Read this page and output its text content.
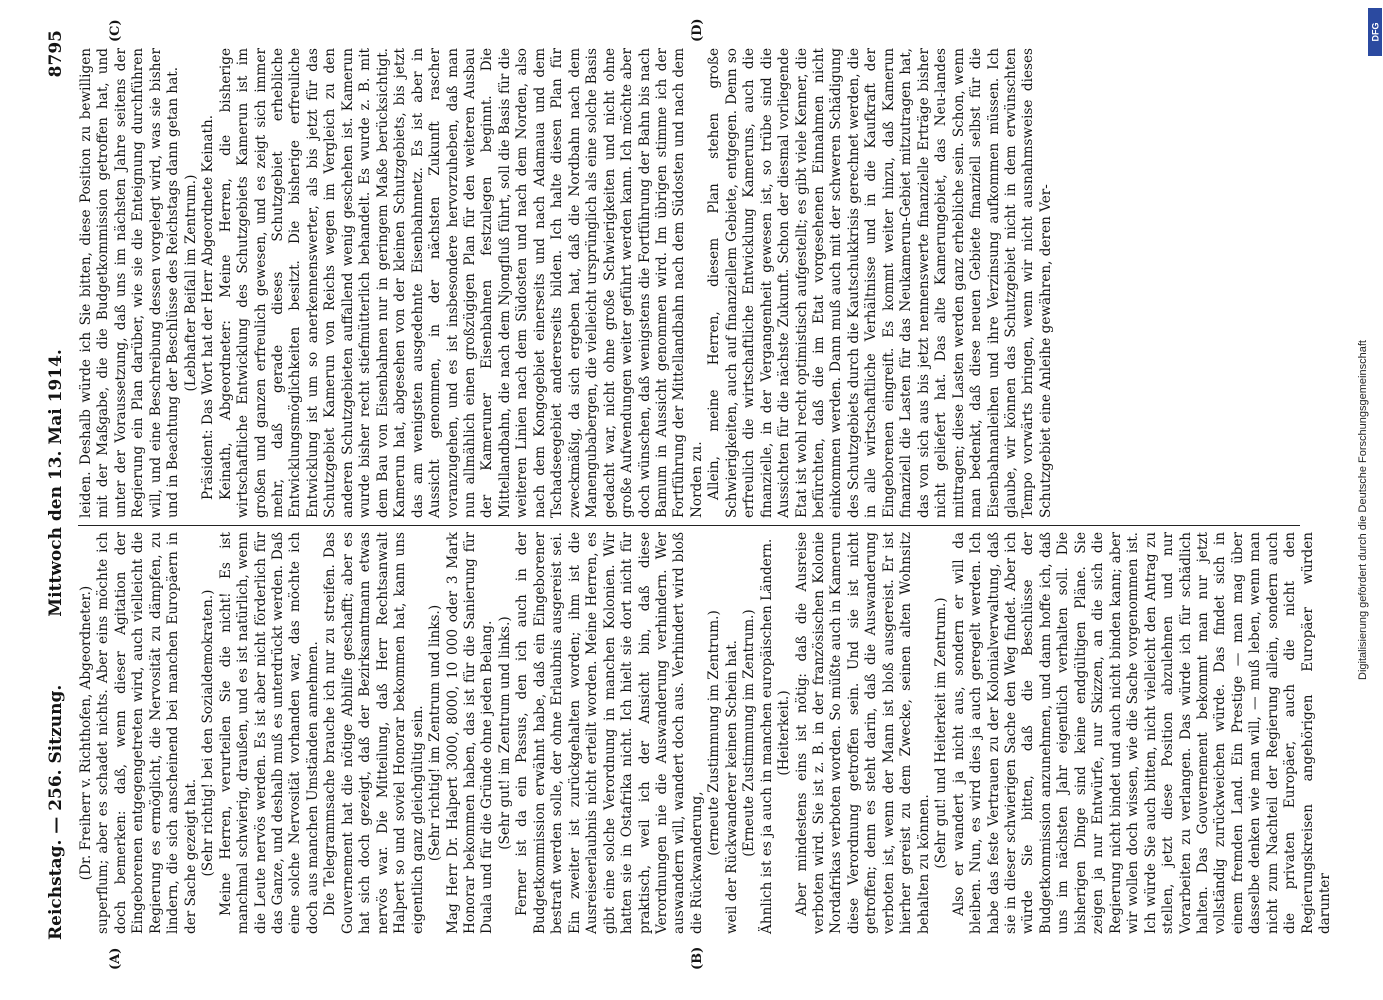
Reichstag. — 256. Sitzung.
Mittwoch den 13. Mai 1914.  8795
(A)	(B)
(C)	(D)

(Dr. Freiherr v. Richthofen, Abgeordneter.) superflum; aber es schadet nichts. Aber eins möchte ich doch bemerken: daß, wenn dieser Agitation der Eingeborenen entgegengetreten wird, auch vielleicht die Regierung es ermöglicht, die Nervosität zu dämpfen, zu lindern, die sich anscheinend bei manchen Europäern in der Sache gezeigt hat. (Sehr richtig! bei den Sozialdemokraten.) Meine Herren, verurteilen Sie die nicht! Es ist manchmal schwierig, draußen, und es ist natürlich, wenn die Leute nervös werden. Es ist aber nicht förderlich für das Ganze, und deshalb muß es unterdrückt werden. Daß eine solche Nervosität vorhanden war, das möchte ich doch aus manchen Umständen annehmen. Die Telegrammsache brauche ich nur zu streifen. Das Gouvernement hat die nötige Abhilfe geschafft; aber es hat sich doch gezeigt, daß der Bezirksamtmann etwas nervös war. Die Mitteilung, daß Herr Rechtsanwalt Halpert so und soviel Honorar bekommen hat, kann uns eigentlich ganz gleichgültig sein. (Sehr richtig! im Zentrum und links.) Mag Herr Dr. Halpert 3000, 8000, 10 000 oder 3 Mark Honorar bekommen haben, das ist für die Sanierung für Duala und für die Gründe ohne jeden Belang. (Sehr gut! im Zentrum und links.) Ferner ist da ein Passus, den ich auch in der Budgetkommission erwähnt habe, daß ein Eingeborener bestraft werden solle, der ohne Erlaubnis ausgereist sei. Ein zweiter ist zurückgehalten worden; ihm ist die Ausreiseerlaubnis nicht erteilt worden. Meine Herren, es gibt eine solche Verordnung in manchen Kolonien. Wir hatten sie in Ostafrika nicht. Ich hielt sie dort nicht für praktisch, weil ich der Ansicht bin, daß diese Verordnungen nie die Auswanderung verhindern. Wer auswandern will, wandert doch aus. Verhindert wird bloß die Rückwanderung,

(erneute Zustimmung im Zentrum.) weil der Rückwanderer keinen Schein hat. (Erneute Zustimmung im Zentrum.) Ähnlich ist es ja auch in manchen europäischen Ländern. (Heiterkeit.) Aber mindestens eins ist nötig: daß die Ausreise verboten wird. Sie ist z. B. in der französischen Kolonie Nordafrikas verboten worden. So müßte auch in Kamerun diese Verordnung getroffen sein. Und sie ist nicht getroffen; denn es steht darin, daß die Auswanderung verboten ist, wenn der Mann ist bloß ausgereist. Er ist hierher gereist zu dem Zwecke, seinen alten Wohnsitz behalten zu können. (Sehr gut! und Heiterkeit im Zentrum.) Also er wandert ja nicht aus, sondern er will da bleiben. Nun, es wird dies ja auch geregelt werden. Ich habe das feste Vertrauen zu der Kolonialverwaltung, daß sie in dieser schwierigen Sache den Weg findet. Aber ich würde Sie bitten, daß die Beschlüsse der Budgetkommission anzunehmen, und dann hoffe ich, daß uns im nächsten Jahr eigentlich verhalten soll. Die bisherigen Dinge sind keine endgültigen Pläne. Sie zeigen ja nur Entwürfe, nur Skizzen, an die sich die Regierung nicht bindet und auch nicht binden kann; aber wir wollen doch wissen, wie die Sache vorgenommen ist. Ich würde Sie auch bitten, nicht vielleicht den Antrag zu stellen, jetzt diese Position abzulehnen und nur Vorarbeiten zu verlangen. Das würde ich für schädlich halten. Das Gouvernement bekommt man nur jetzt vollständig zurückweichen würde. Das findet sich in einem fremden Land. Ein Prestige — man mag über dasselbe denken wie man will, — muß leben, wenn man nicht zum Nachteil der Regierung allein, sondern auch die privaten Europäer, auch die nicht den Regierungskreisen angehörigen Europäer würden darunter

leiden. Deshalb würde ich Sie bitten, diese Position zu bewilligen mit der Maßgabe, die die Budgetkommission getroffen hat, und unter der Voraussetzung, daß uns im nächsten Jahre seitens der Regierung ein Plan darüber, wie sie die Enteignung durchführen will, und eine Beschreibung dessen vorgelegt wird, was sie bisher und in Beachtung der Beschlüsse des Reichstags dann getan hat. (Lebhafter Beifall im Zentrum.) Präsident: Das Wort hat der Herr Abgeordnete Keinath. Keinath, Abgeordneter: Meine Herren, die bisherige wirtschaftliche Entwicklung des Schutzgebiets Kamerun ist im großen und ganzen erfreulich gewesen, und es zeigt sich immer mehr, daß gerade dieses Schutzgebiet erhebliche Entwicklungsmöglichkeiten besitzt. Die bisherige erfreuliche Entwicklung ist um so anerkennenswerter, als bis jetzt für das Schutzgebiet Kamerun von Reichs wegen im Vergleich zu den anderen Schutzgebieten auffallend wenig geschehen ist. Kamerun wurde bisher recht stiefmütterlich behandelt. Es wurde z. B. mit dem Bau von Eisenbahnen nur in geringem Maße berücksichtigt. Kamerun hat, abgesehen von der kleinen Schutzgebiets, bis jetzt das am wenigsten ausgedehnte Eisenbahnnetz. Es ist aber in Aussicht genommen, in der nächsten Zukunft rascher voranzugehen, und es ist insbesondere hervorzuheben, daß man nun allmählich einen großzügigen Plan für den weiteren Ausbau der Kameruner Eisenbahnen festzulegen beginnt. Die Mittellandbahn, die nach dem Njongfluß führt, soll die Basis für die weiteren Linien nach dem Südosten und nach dem Norden, also nach dem Kongogebiet einerseits und nach Adamaua und dem Tschadseegebiet andererseits bilden. Ich halte diesen Plan für zweckmäßig, da sich ergeben hat, daß die Nordbahn nach dem Manengubabergen, die vielleicht ursprünglich als eine solche Basis gedacht war, nicht ohne große Schwierigkeiten und nicht ohne große Aufwendungen weiter geführt werden kann. Ich möchte aber doch wünschen, daß wenigstens die Fortführung der Bahn bis nach Bamum in Aussicht genommen wird. Im übrigen stimme ich der Fortführung der Mittellandbahn nach dem Südosten und nach dem Norden zu. Allein, meine Herren, diesem Plan stehen große Schwierigkeiten, auch auf finanziellem Gebiete, entgegen. Denn so erfreulich die wirtschaftliche Entwicklung Kameruns, auch die finanzielle, in der Vergangenheit gewesen ist, so trübe sind die Aussichten für die nächste Zukunft. Schon der diesmal vorliegende Etat ist wohl recht optimistisch aufgestellt; es gibt viele Kenner, die befürchten, daß die im Etat vorgesehenen Einnahmen nicht einkommen werden. Dann muß auch mit der schweren Schädigung des Schutzgebiets durch die Kautschukkrisis gerechnet werden, die in alle wirtschaftliche Verhältnisse und in die Kaufkraft der Eingeborenen eingreift. Es kommt weiter hinzu, daß Kamerun finanziell die Lasten für das Neukamerun-Gebiet mitzutragen hat, das von sich aus bis jetzt nennenswerte finanzielle Erträge bisher nicht geliefert hat. Das alte Kamerungebiet, das Neu-landes mittragen; diese Lasten werden ganz erhebliche sein. Schon, wenn man bedenkt, daß diese neuen Gebiete finanziell selbst für die Eisenbahnanleihen und ihre Verzinsung aufkommen müssen. Ich glaube, wir können das Schutzgebiet nicht in dem erwünschten Tempo vorwärts bringen, wenn wir nicht ausnahmsweise dieses Schutzgebiet eine Anleihe gewähren, deren Ver-

DFG
Digitalisierung gefördert durch die Deutsche Forschungsgemeinschaft
